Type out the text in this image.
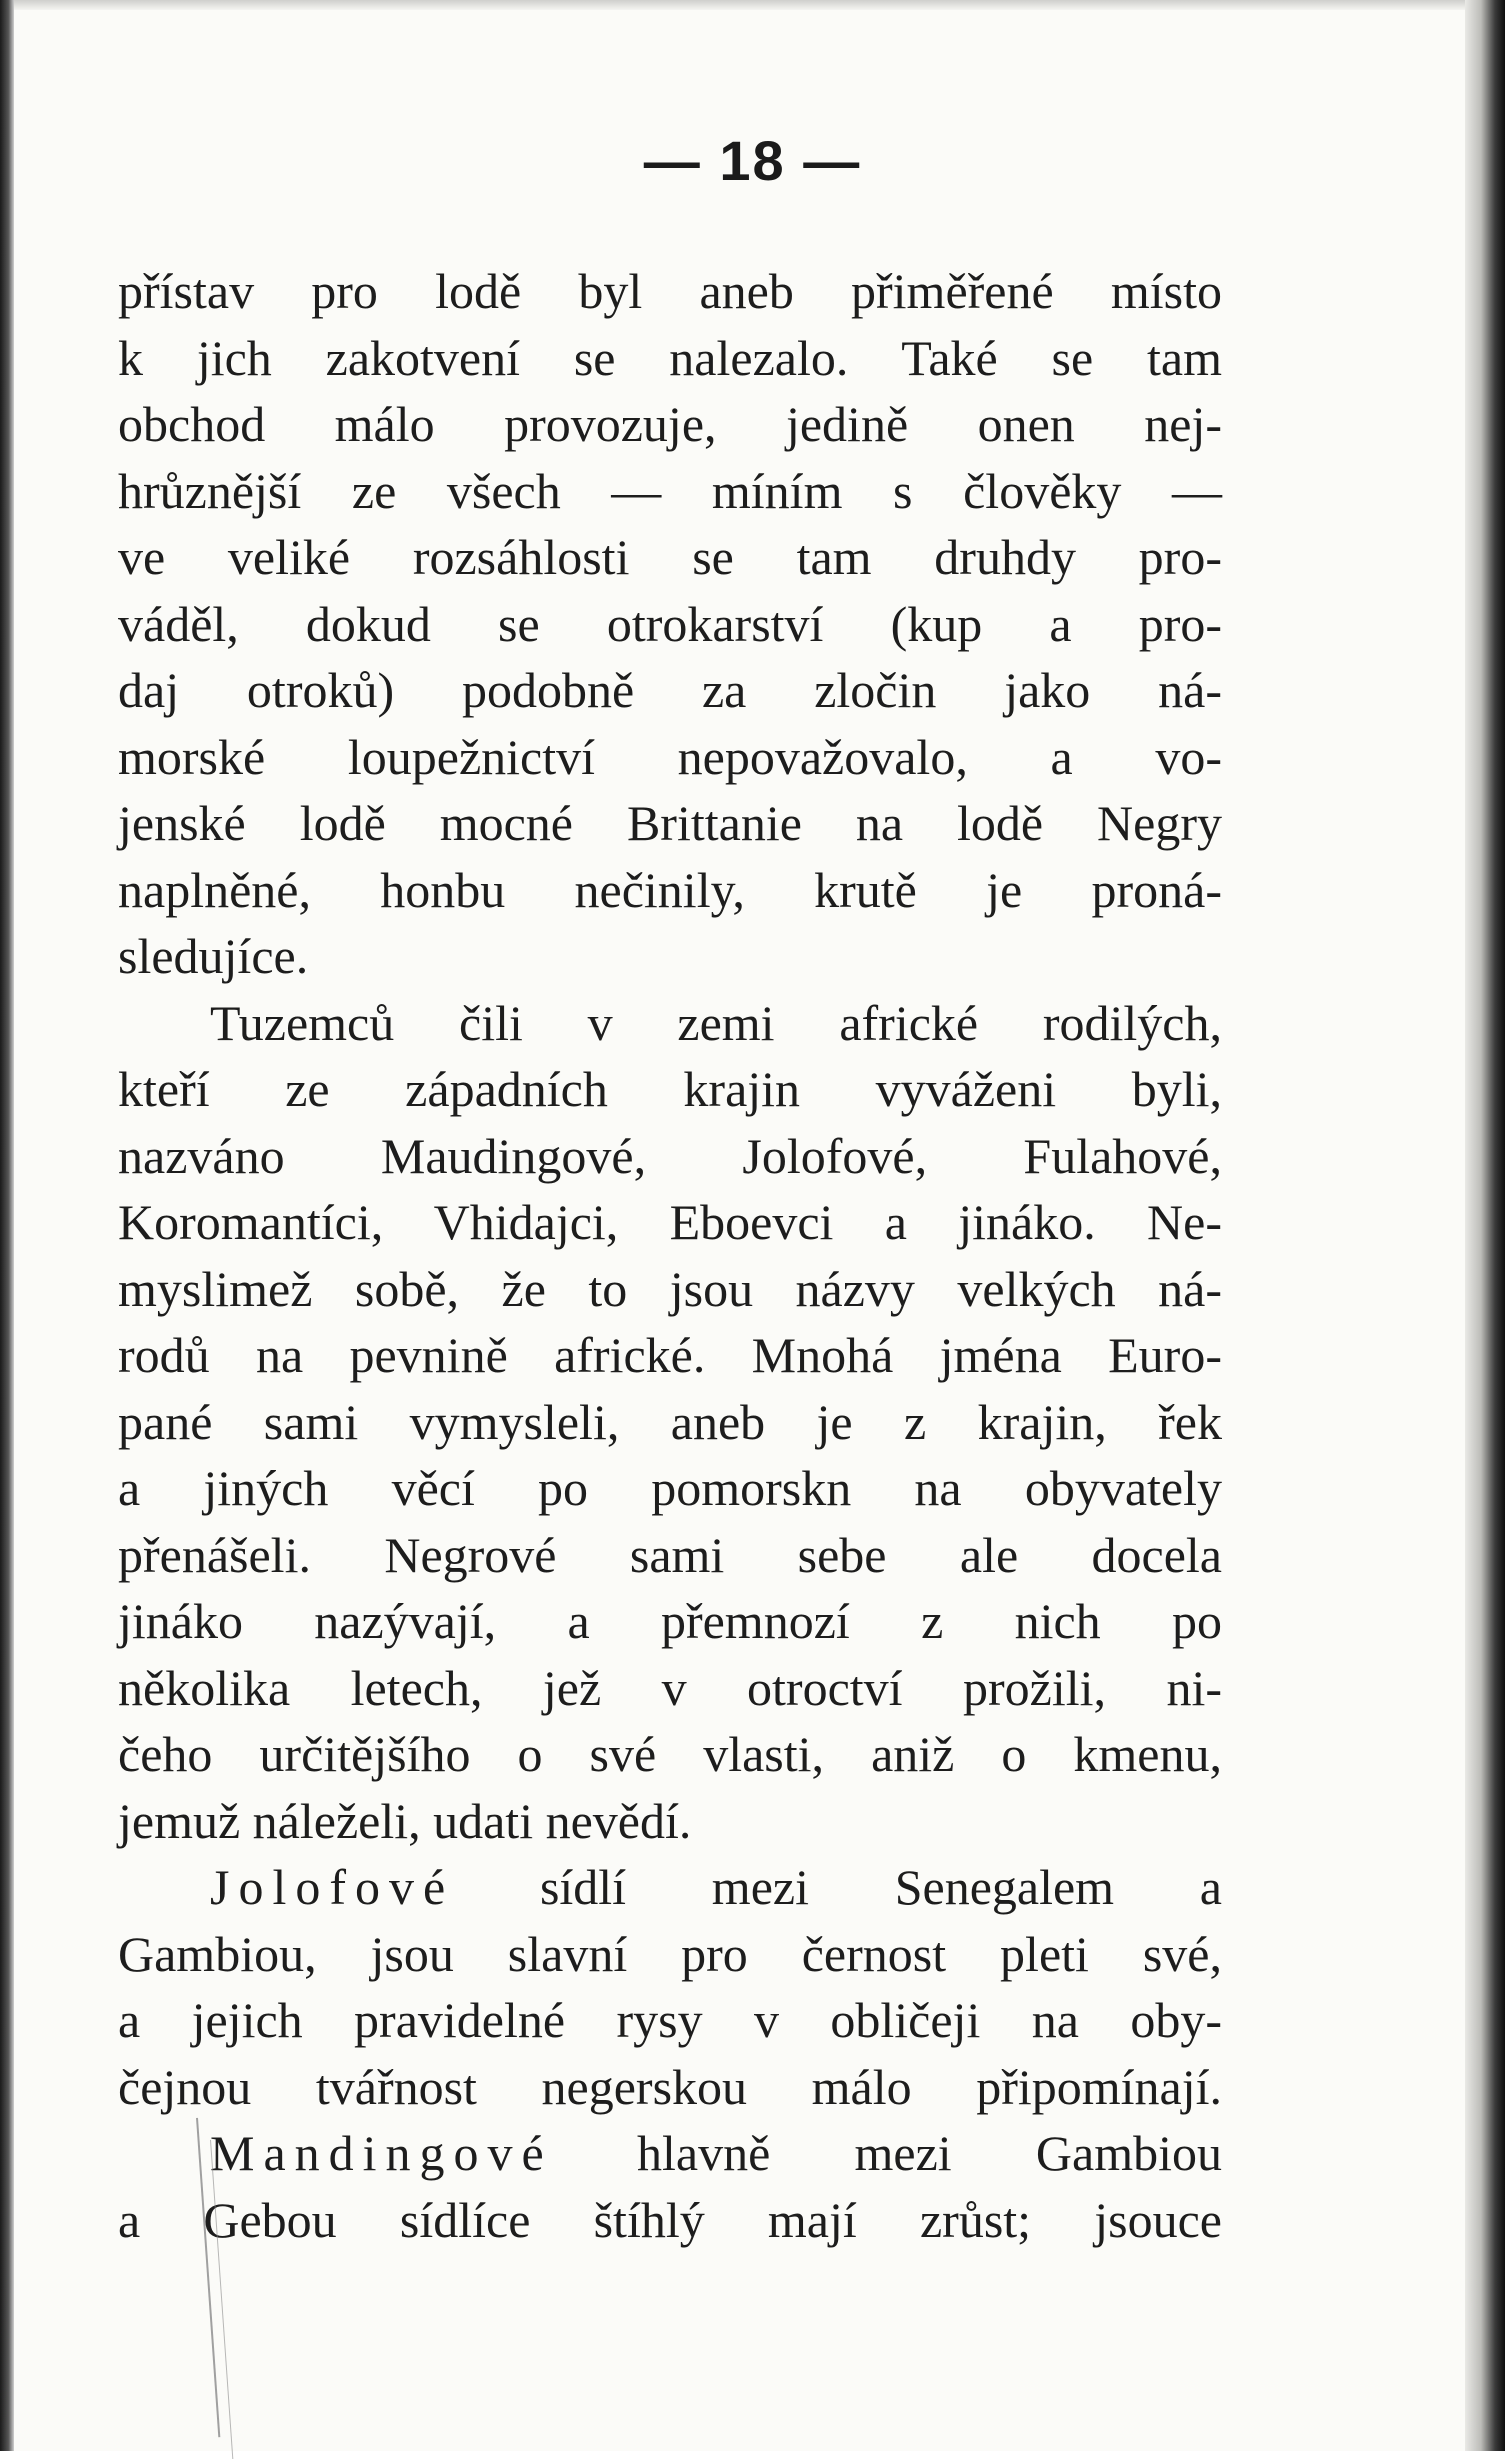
— 18 —
přístav pro lodě byl aneb přiměřené místo
k jich zakotvení se nalezalo. Také se tam
obchod málo provozuje, jedině onen nej-
hrůznější ze všech — míním s člověky —
ve veliké rozsáhlosti se tam druhdy pro-
váděl, dokud se otrokarství (kup a pro-
daj otroků) podobně za zločin jako ná-
morské loupežnictví nepovažovalo, a vo-
jenské lodě mocné Brittanie na lodě Negry
naplněné, honbu nečinily, krutě je proná-
sledujíce.
Tuzemců čili v zemi africké rodilých,
kteří ze západních krajin vyváženi byli,
nazváno Maudingové, Jolofové, Fulahové,
Koromantíci, Vhidajci, Eboevci a jináko. Ne-
myslimež sobě, že to jsou názvy velkých ná-
rodů na pevnině africké. Mnohá jména Euro-
pané sami vymysleli, aneb je z krajin, řek
a jiných věcí po pomorskn na obyvately
přenášeli. Negrové sami sebe ale docela
jináko nazývají, a přemnozí z nich po
několika letech, jež v otroctví prožili, ni-
čeho určitějšího o své vlasti, aniž o kmenu,
jemuž náleželi, udati nevědí.
Jolofové sídlí mezi Senegalem a
Gambiou, jsou slavní pro černost pleti své,
a jejich pravidelné rysy v obličeji na oby-
čejnou tvářnost negerskou málo připomínají.
Mandingové hlavně mezi Gambiou
a Gebou sídlíce štíhlý mají zrůst; jsouce
